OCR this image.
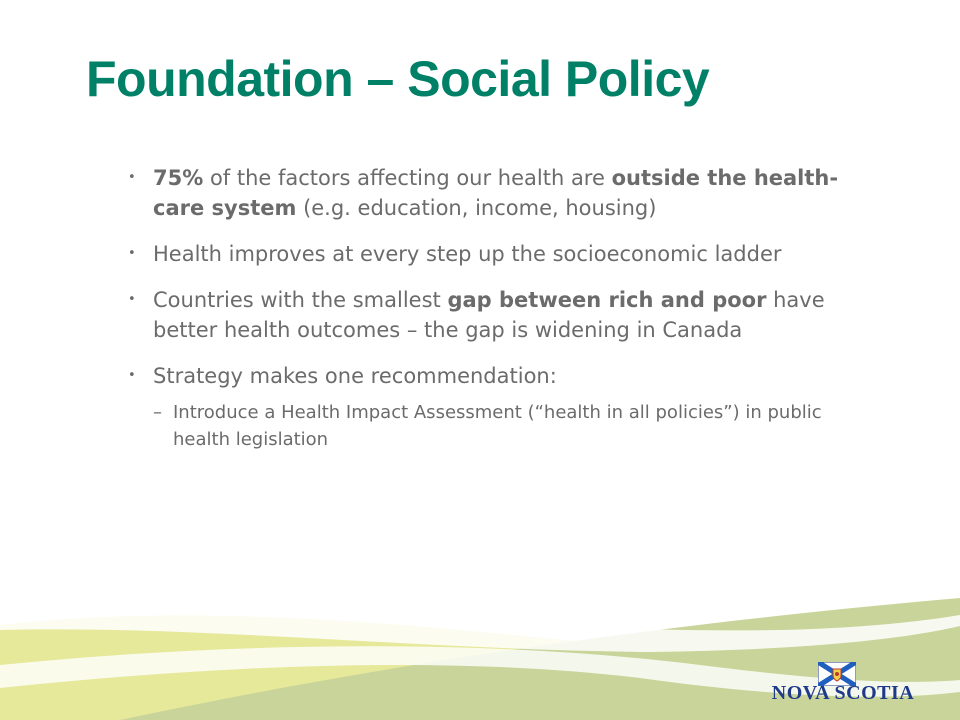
Foundation – Social Policy
• 75% of the factors affecting our health are outside the health-care system (e.g. education, income, housing)
• Health improves at every step up the socioeconomic ladder
• Countries with the smallest gap between rich and poor have better health outcomes – the gap is widening in Canada
• Strategy makes one recommendation:
– Introduce a Health Impact Assessment (“health in all policies”) in public health legislation
NOVA SCOTIA
